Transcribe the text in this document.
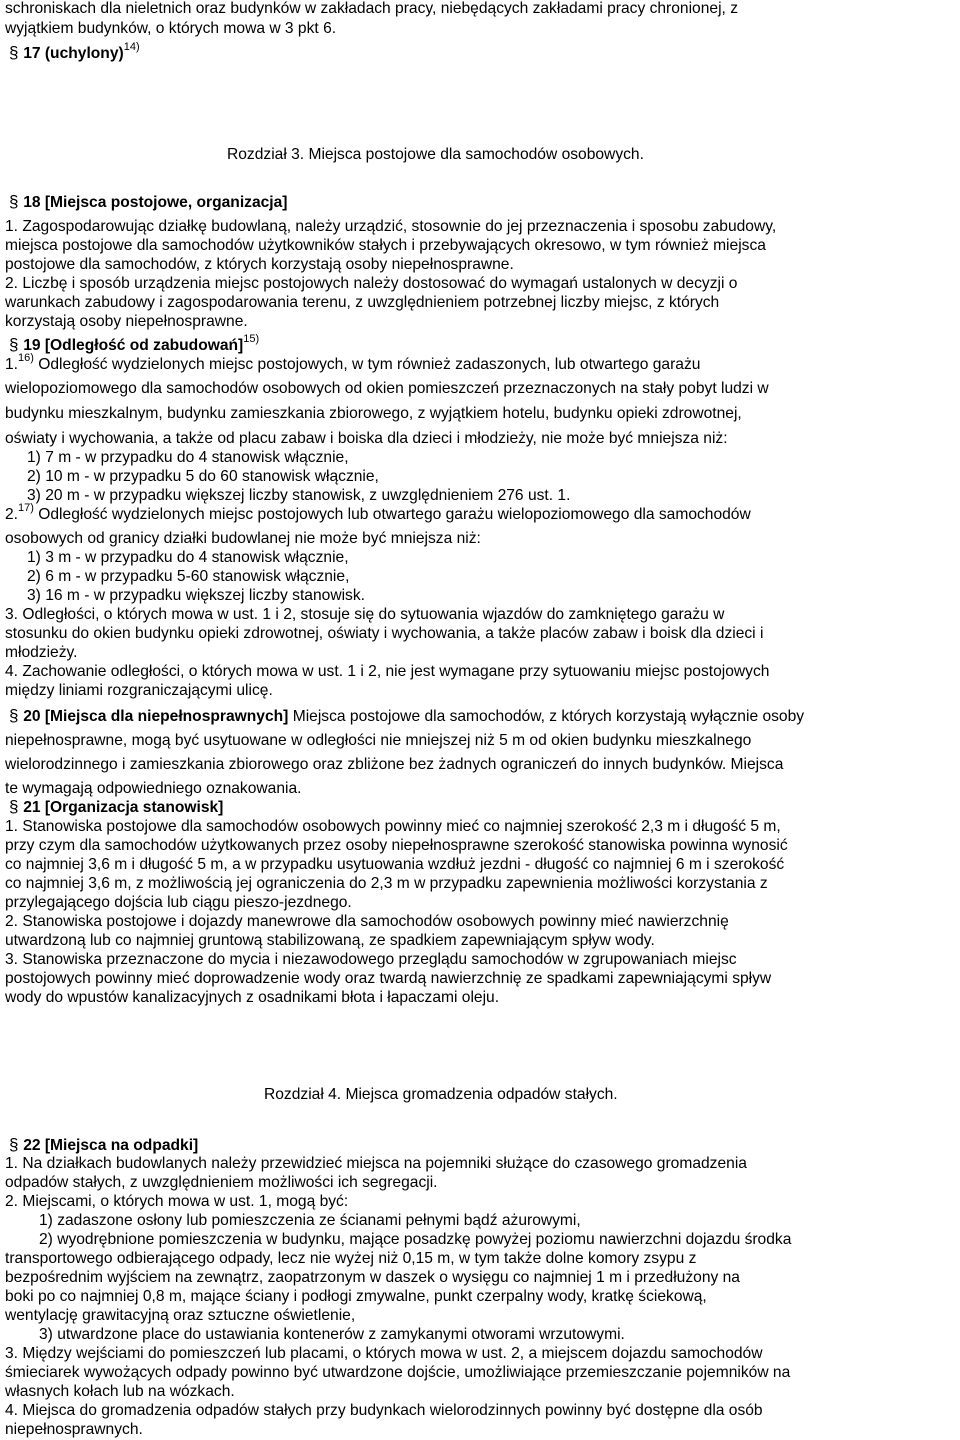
schroniskach dla nieletnich oraz budynków w zakładach pracy, niebędących zakładami pracy chronionej, z
wyjątkiem budynków, o których mowa w 3 pkt 6.
§ 17 (uchylony)$^{14)}$
Rozdział 3. Miejsca postojowe dla samochodów osobowych.
§ 18 [Miejsca postojowe, organizacja]
1. Zagospodarowując działkę budowlaną, należy urządzić, stosownie do jej przeznaczenia i sposobu zabudowy,
miejsca postojowe dla samochodów użytkowników stałych i przebywających okresowo, w tym również miejsca
postojowe dla samochodów, z których korzystają osoby niepełnosprawne.
2. Liczbę i sposób urządzenia miejsc postojowych należy dostosować do wymagań ustalonych w decyzji o
warunkach zabudowy i zagospodarowania terenu, z uwzględnieniem potrzebnej liczby miejsc, z których
korzystają osoby niepełnosprawne.
§ 19 [Odległość od zabudowań]$^{15)}$
1.$^{16)}$ Odległość wydzielonych miejsc postojowych, w tym również zadaszonych, lub otwartego garażu
wielopoziomowego dla samochodów osobowych od okien pomieszczeń przeznaczonych na stały pobyt ludzi w
budynku mieszkalnym, budynku zamieszkania zbiorowego, z wyjątkiem hotelu, budynku opieki zdrowotnej,
oświaty i wychowania, a także od placu zabaw i boiska dla dzieci i młodzieży, nie może być mniejsza niż:
1) 7 m - w przypadku do 4 stanowisk włącznie,
2) 10 m - w przypadku 5 do 60 stanowisk włącznie,
3) 20 m - w przypadku większej liczby stanowisk, z uwzględnieniem 276 ust. 1.
2.$^{17)}$ Odległość wydzielonych miejsc postojowych lub otwartego garażu wielopoziomowego dla samochodów
osobowych od granicy działki budowlanej nie może być mniejsza niż:
1) 3 m - w przypadku do 4 stanowisk włącznie,
2) 6 m - w przypadku 5-60 stanowisk włącznie,
3) 16 m - w przypadku większej liczby stanowisk.
3. Odległości, o których mowa w ust. 1 i 2, stosuje się do sytuowania wjazdów do zamkniętego garażu w
stosunku do okien budynku opieki zdrowotnej, oświaty i wychowania, a także placów zabaw i boisk dla dzieci i
młodzieży.
4. Zachowanie odległości, o których mowa w ust. 1 i 2, nie jest wymagane przy sytuowaniu miejsc postojowych
między liniami rozgraniczającymi ulicę.
§ 20 [Miejsca dla niepełnosprawnych] Miejsca postojowe dla samochodów, z których korzystają wyłącznie osoby
niepełnosprawne, mogą być usytuowane w odległości nie mniejszej niż 5 m od okien budynku mieszkalnego
wielorodzinnego i zamieszkania zbiorowego oraz zbliżone bez żadnych ograniczeń do innych budynków. Miejsca
te wymagają odpowiedniego oznakowania.
§ 21 [Organizacja stanowisk]
1. Stanowiska postojowe dla samochodów osobowych powinny mieć co najmniej szerokość 2,3 m i długość 5 m,
przy czym dla samochodów użytkowanych przez osoby niepełnosprawne szerokość stanowiska powinna wynosić
co najmniej 3,6 m i długość 5 m, a w przypadku usytuowania wzdłuż jezdni - długość co najmniej 6 m i szerokość
co najmniej 3,6 m, z możliwością jej ograniczenia do 2,3 m w przypadku zapewnienia możliwości korzystania z
przylegającego dojścia lub ciągu pieszo-jezdnego.
2. Stanowiska postojowe i dojazdy manewrowe dla samochodów osobowych powinny mieć nawierzchnię
utwardzoną lub co najmniej gruntową stabilizowaną, ze spadkiem zapewniającym spływ wody.
3. Stanowiska przeznaczone do mycia i niezawodowego przeglądu samochodów w zgrupowaniach miejsc
postojowych powinny mieć doprowadzenie wody oraz twardą nawierzchnię ze spadkami zapewniającymi spływ
wody do wpustów kanalizacyjnych z osadnikami błota i łapaczami oleju.
Rozdział 4. Miejsca gromadzenia odpadów stałych.
§ 22 [Miejsca na odpadki]
1. Na działkach budowlanych należy przewidzieć miejsca na pojemniki służące do czasowego gromadzenia
odpadów stałych, z uwzględnieniem możliwości ich segregacji.
2. Miejscami, o których mowa w ust. 1, mogą być:
1) zadaszone osłony lub pomieszczenia ze ścianami pełnymi bądź ażurowymi,
2) wyodrębnione pomieszczenia w budynku, mające posadzkę powyżej poziomu nawierzchni dojazdu środka
transportowego odbierającego odpady, lecz nie wyżej niż 0,15 m, w tym także dolne komory zsypu z
bezpośrednim wyjściem na zewnątrz, zaopatrzonym w daszek o wysięgu co najmniej 1 m i przedłużony na
boki po co najmniej 0,8 m, mające ściany i podłogi zmywalne, punkt czerpalny wody, kratkę ściekową,
wentylację grawitacyjną oraz sztuczne oświetlenie,
3) utwardzone place do ustawiania kontenerów z zamykanymi otworami wrzutowymi.
3. Między wejściami do pomieszczeń lub placami, o których mowa w ust. 2, a miejscem dojazdu samochodów
śmieciarek wywożących odpady powinno być utwardzone dojście, umożliwiające przemieszczanie pojemników na
własnych kołach lub na wózkach.
4. Miejsca do gromadzenia odpadów stałych przy budynkach wielorodzinnych powinny być dostępne dla osób
niepełnosprawnych.
